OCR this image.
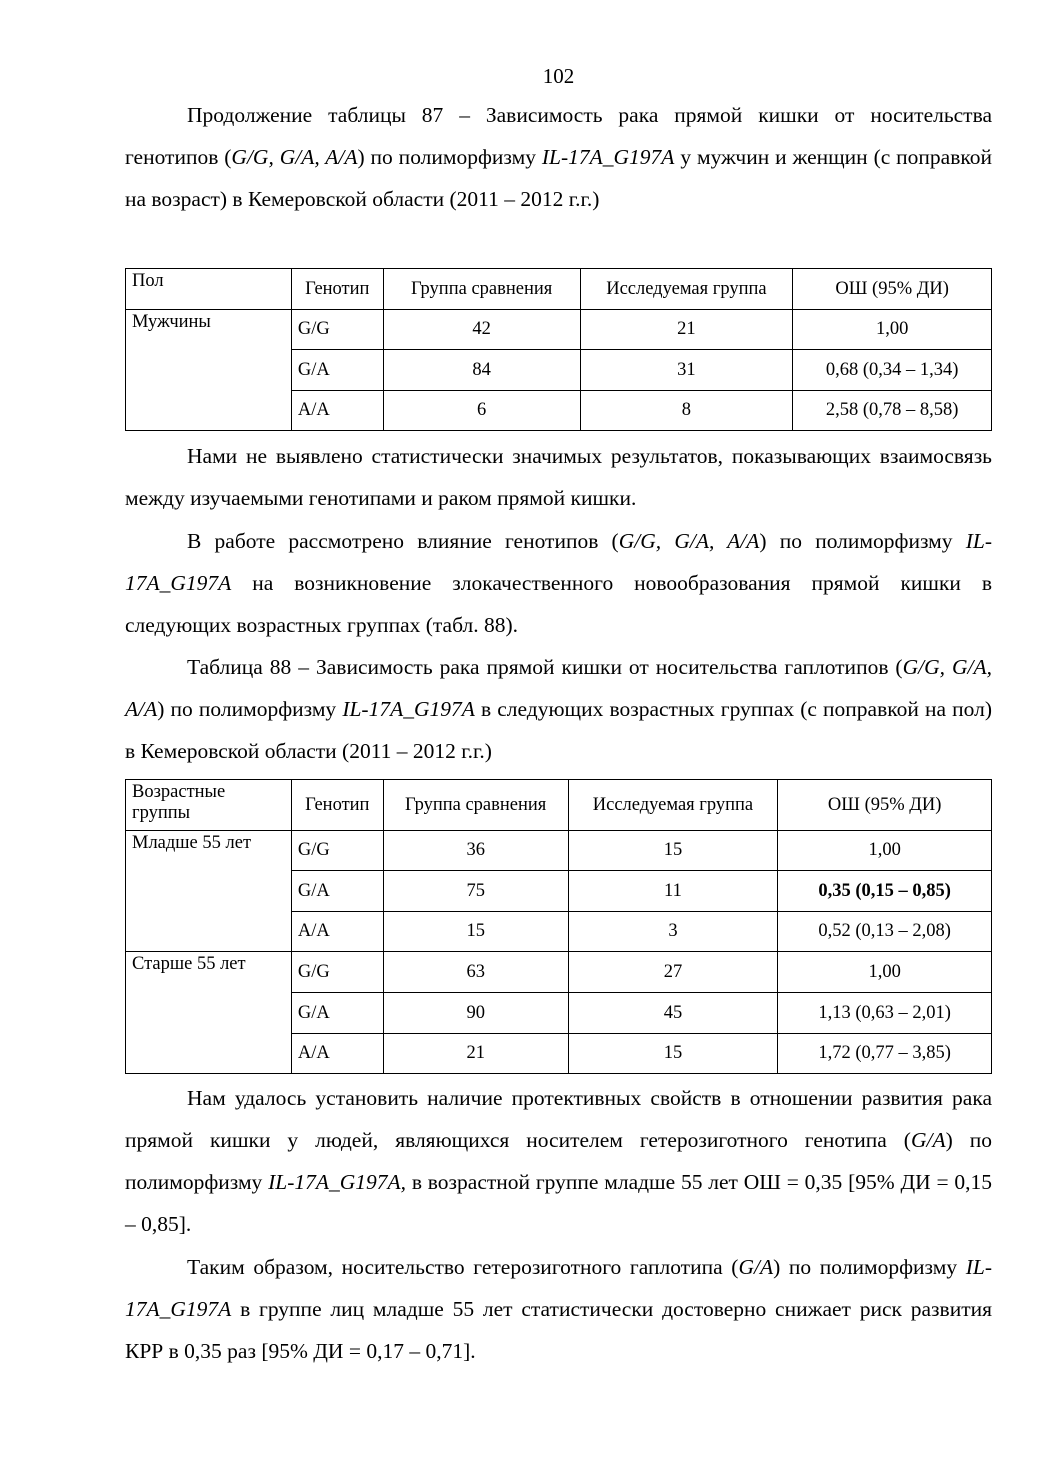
102

Продолжение таблицы 87 – Зависимость рака прямой кишки от носительства генотипов (G/G, G/A, A/A) по полиморфизму IL-17A_G197A у мужчин и женщин (с поправкой на возраст) в Кемеровской области (2011 – 2012 г.г.)

Пол	Генотип	Группа сравнения	Исследуемая группа	ОШ (95% ДИ)
Мужчины	G/G	42	21	1,00
	G/A	84	31	0,68 (0,34 – 1,34)
	A/A	6	8	2,58 (0,78 – 8,58)

Нами не выявлено статистически значимых результатов, показывающих взаимосвязь между изучаемыми генотипами и раком прямой кишки.

В работе рассмотрено влияние генотипов (G/G, G/A, A/A) по полиморфизму IL-17A_G197A на возникновение злокачественного новообразования прямой кишки в следующих возрастных группах (табл. 88).

Таблица 88 – Зависимость рака прямой кишки от носительства гаплотипов (G/G, G/A, A/A) по полиморфизму IL-17A_G197A в следующих возрастных группах (с поправкой на пол) в Кемеровской области (2011 – 2012 г.г.)

Возрастные группы	Генотип	Группа сравнения	Исследуемая группа	ОШ (95% ДИ)
Младше 55 лет	G/G	36	15	1,00
	G/A	75	11	0,35 (0,15 – 0,85)
	A/A	15	3	0,52 (0,13 – 2,08)
Старше 55 лет	G/G	63	27	1,00
	G/A	90	45	1,13 (0,63 – 2,01)
	A/A	21	15	1,72 (0,77 – 3,85)

Нам удалось установить наличие протективных свойств в отношении развития рака прямой кишки у людей, являющихся носителем гетерозиготного генотипа (G/A) по полиморфизму IL-17A_G197A, в возрастной группе младше 55 лет ОШ = 0,35 [95% ДИ = 0,15 – 0,85].

Таким образом, носительство гетерозиготного гаплотипа (G/A) по полиморфизму IL-17A_G197A в группе лиц младше 55 лет статистически достоверно снижает риск развития КРР в 0,35 раз [95% ДИ = 0,17 – 0,71].
